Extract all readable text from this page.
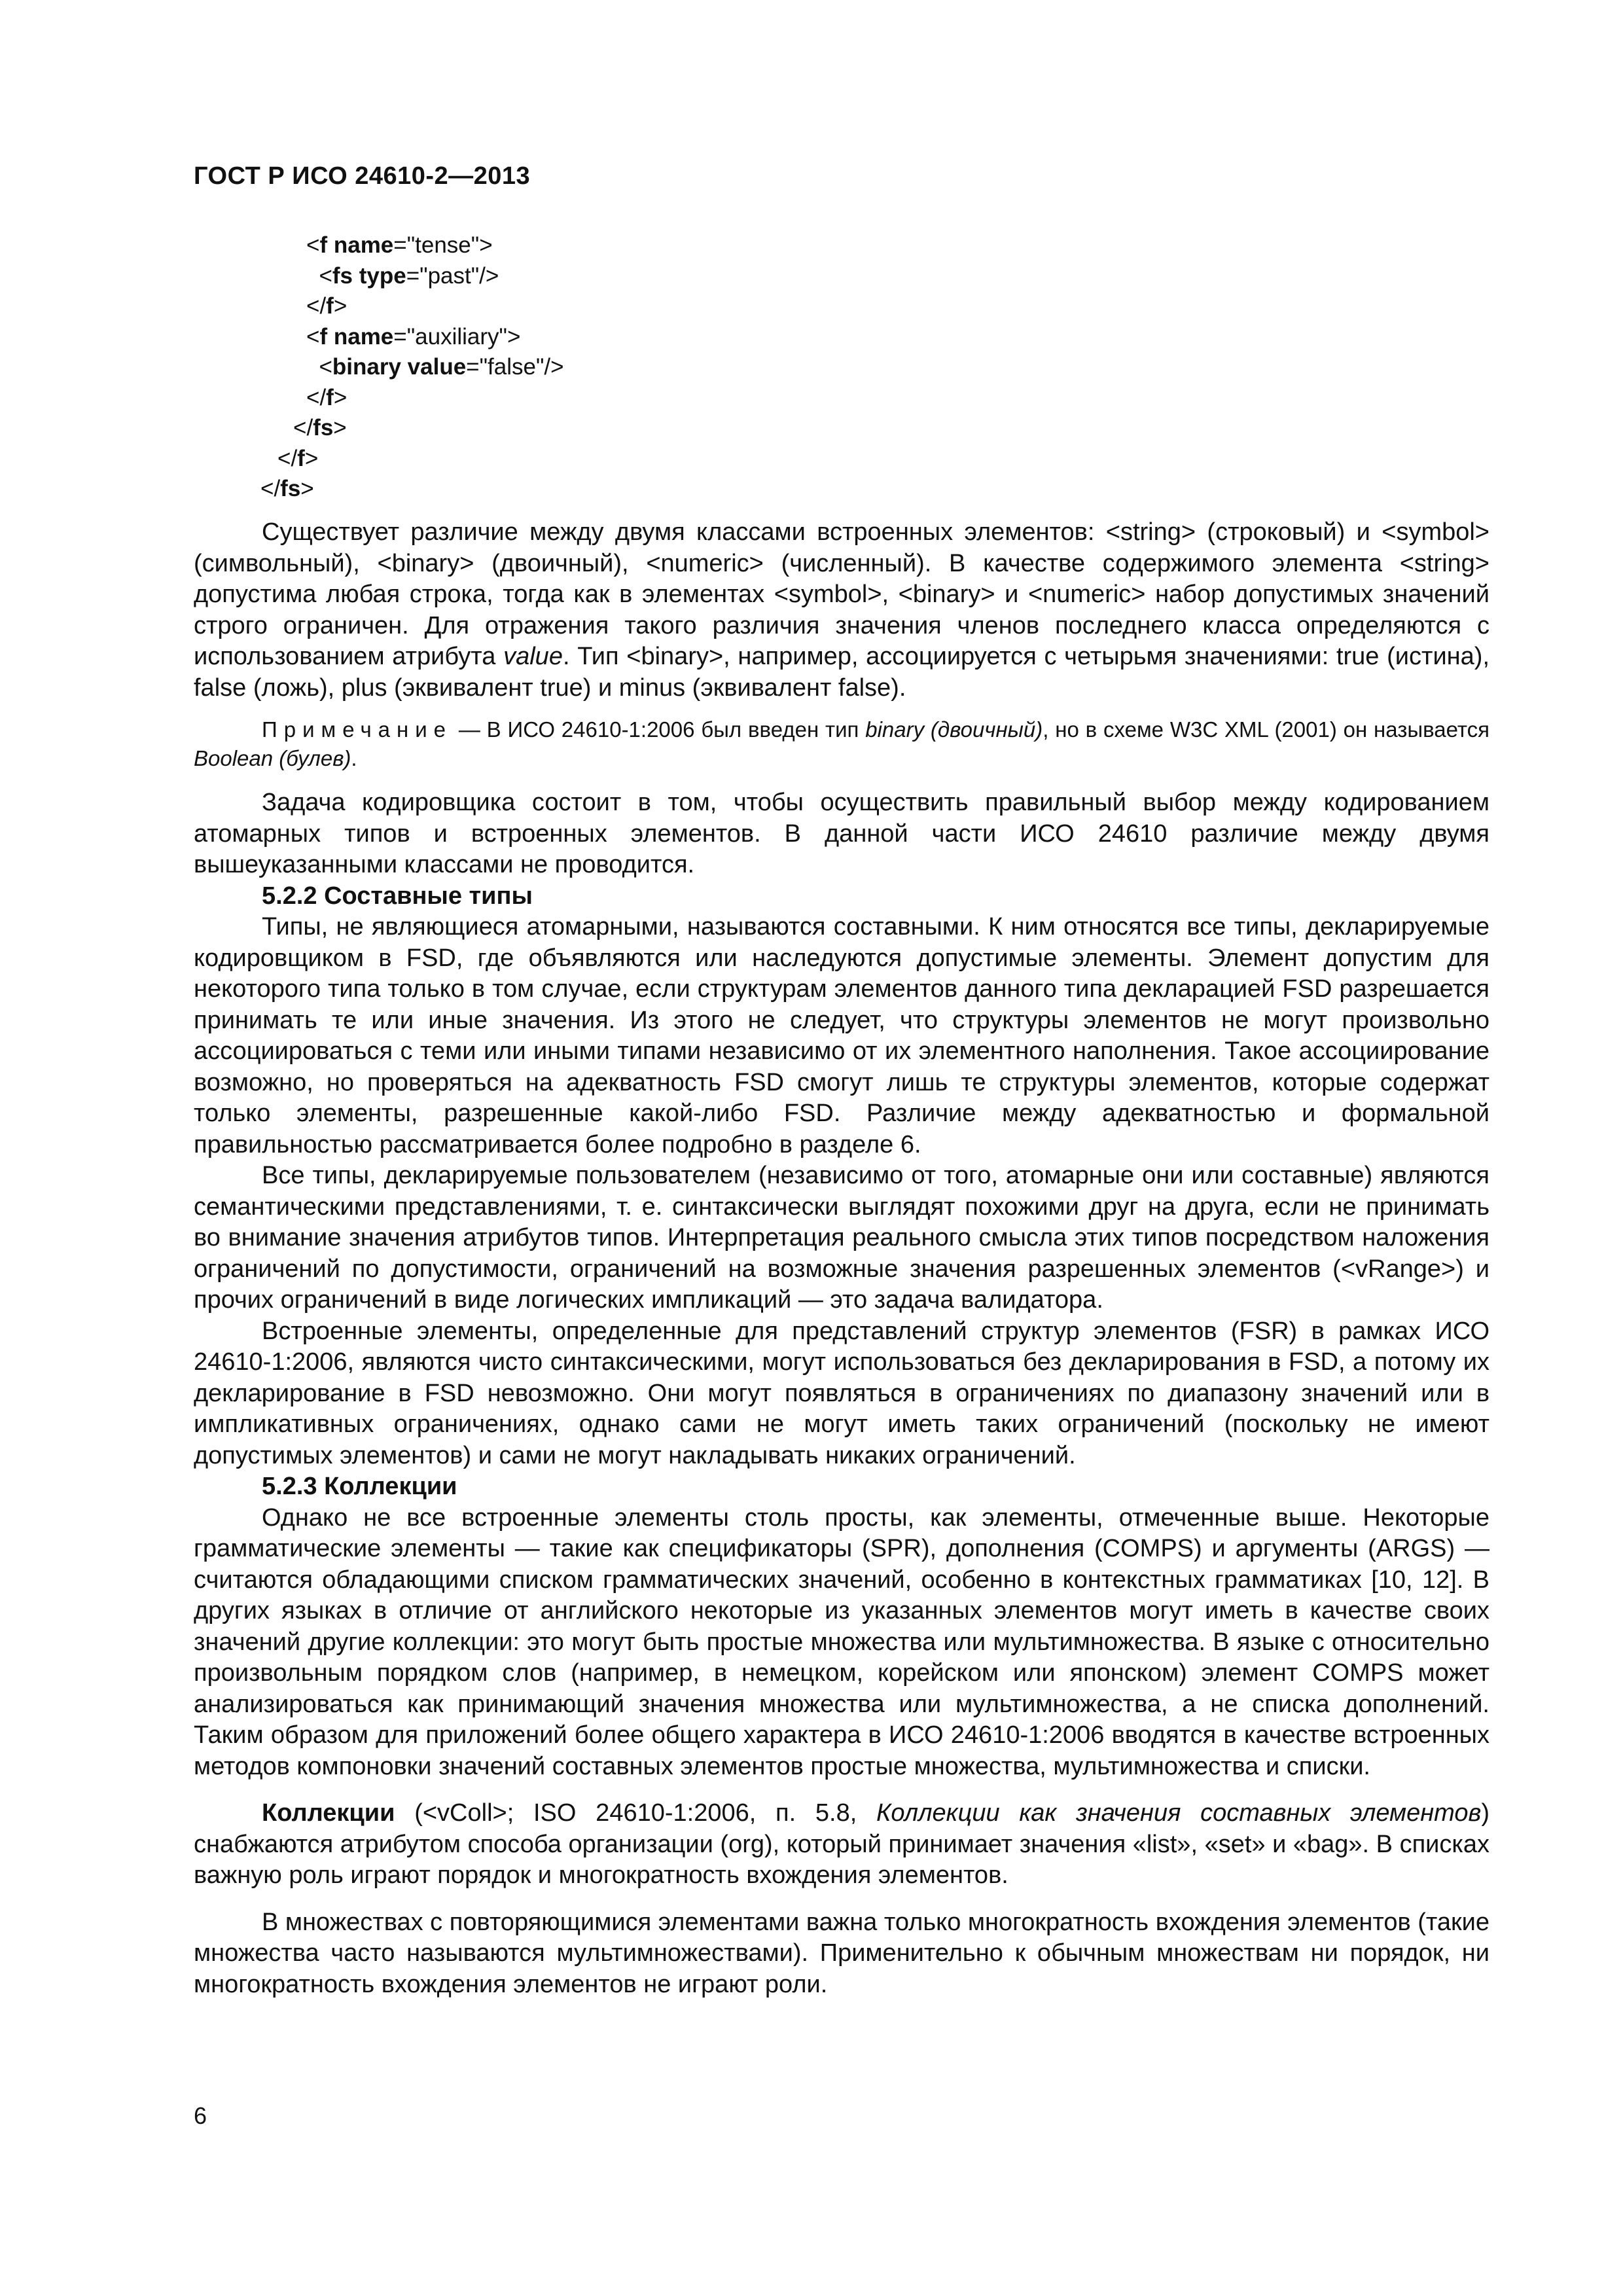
ГОСТ Р ИСО 24610-2—2013
<f name="tense">
<fs type="past"/>
</f>
<f name="auxiliary">
<binary value="false"/>
</f>
</fs>
</f>
</fs>

Существует различие между двумя классами встроенных элементов: <string> (строковый) и <symbol> (символьный), <binary> (двоичный), <numeric> (численный). В качестве содержимого элемента <string> допустима любая строка, тогда как в элементах <symbol>, <binary> и <numeric> набор допустимых значений строго ограничен. Для отражения такого различия значения членов последнего класса определяются с использованием атрибута value. Тип <binary>, например, ассоциируется с четырьмя значениями: true (истина), false (ложь), plus (эквивалент true) и minus (эквивалент false).

Примечание — В ИСО 24610-1:2006 был введен тип binary (двоичный), но в схеме W3C XML (2001) он называется Boolean (булев).

Задача кодировщика состоит в том, чтобы осуществить правильный выбор между кодированием атомарных типов и встроенных элементов. В данной части ИСО 24610 различие между двумя вышеуказанными классами не проводится.

5.2.2 Составные типы

Типы, не являющиеся атомарными, называются составными. К ним относятся все типы, декларируемые кодировщиком в FSD, где объявляются или наследуются допустимые элементы. Элемент допустим для некоторого типа только в том случае, если структурам элементов данного типа декларацией FSD разрешается принимать те или иные значения. Из этого не следует, что структуры элементов не могут произвольно ассоциироваться с теми или иными типами независимо от их элементного наполнения. Такое ассоциирование возможно, но проверяться на адекватность FSD смогут лишь те структуры элементов, которые содержат только элементы, разрешенные какой-либо FSD. Различие между адекватностью и формальной правильностью рассматривается более подробно в разделе 6.

Все типы, декларируемые пользователем (независимо от того, атомарные они или составные) являются семантическими представлениями, т. е. синтаксически выглядят похожими друг на друга, если не принимать во внимание значения атрибутов типов. Интерпретация реального смысла этих типов посредством наложения ограничений по допустимости, ограничений на возможные значения разрешенных элементов (<vRange>) и прочих ограничений в виде логических импликаций — это задача валидатора.

Встроенные элементы, определенные для представлений структур элементов (FSR) в рамках ИСО 24610-1:2006, являются чисто синтаксическими, могут использоваться без декларирования в FSD, а потому их декларирование в FSD невозможно. Они могут появляться в ограничениях по диапазону значений или в импликативных ограничениях, однако сами не могут иметь таких ограничений (поскольку не имеют допустимых элементов) и сами не могут накладывать никаких ограничений.

5.2.3 Коллекции

Однако не все встроенные элементы столь просты, как элементы, отмеченные выше. Некоторые грамматические элементы — такие как спецификаторы (SPR), дополнения (COMPS) и аргументы (ARGS) — считаются обладающими списком грамматических значений, особенно в контекстных грамматиках [10, 12]. В других языках в отличие от английского некоторые из указанных элементов могут иметь в качестве своих значений другие коллекции: это могут быть простые множества или мультимножества. В языке с относительно произвольным порядком слов (например, в немецком, корейском или японском) элемент COMPS может анализироваться как принимающий значения множества или мультимножества, а не списка дополнений. Таким образом для приложений более общего характера в ИСО 24610-1:2006 вводятся в качестве встроенных методов компоновки значений составных элементов простые множества, мультимножества и списки.

Коллекции (<vColl>; ISO 24610-1:2006, п. 5.8, Коллекции как значения составных элементов) снабжаются атрибутом способа организации (org), который принимает значения «list», «set» и «bag». В списках важную роль играют порядок и многократность вхождения элементов.

В множествах с повторяющимися элементами важна только многократность вхождения элементов (такие множества часто называются мультимножествами). Применительно к обычным множествам ни порядок, ни многократность вхождения элементов не играют роли.

6
